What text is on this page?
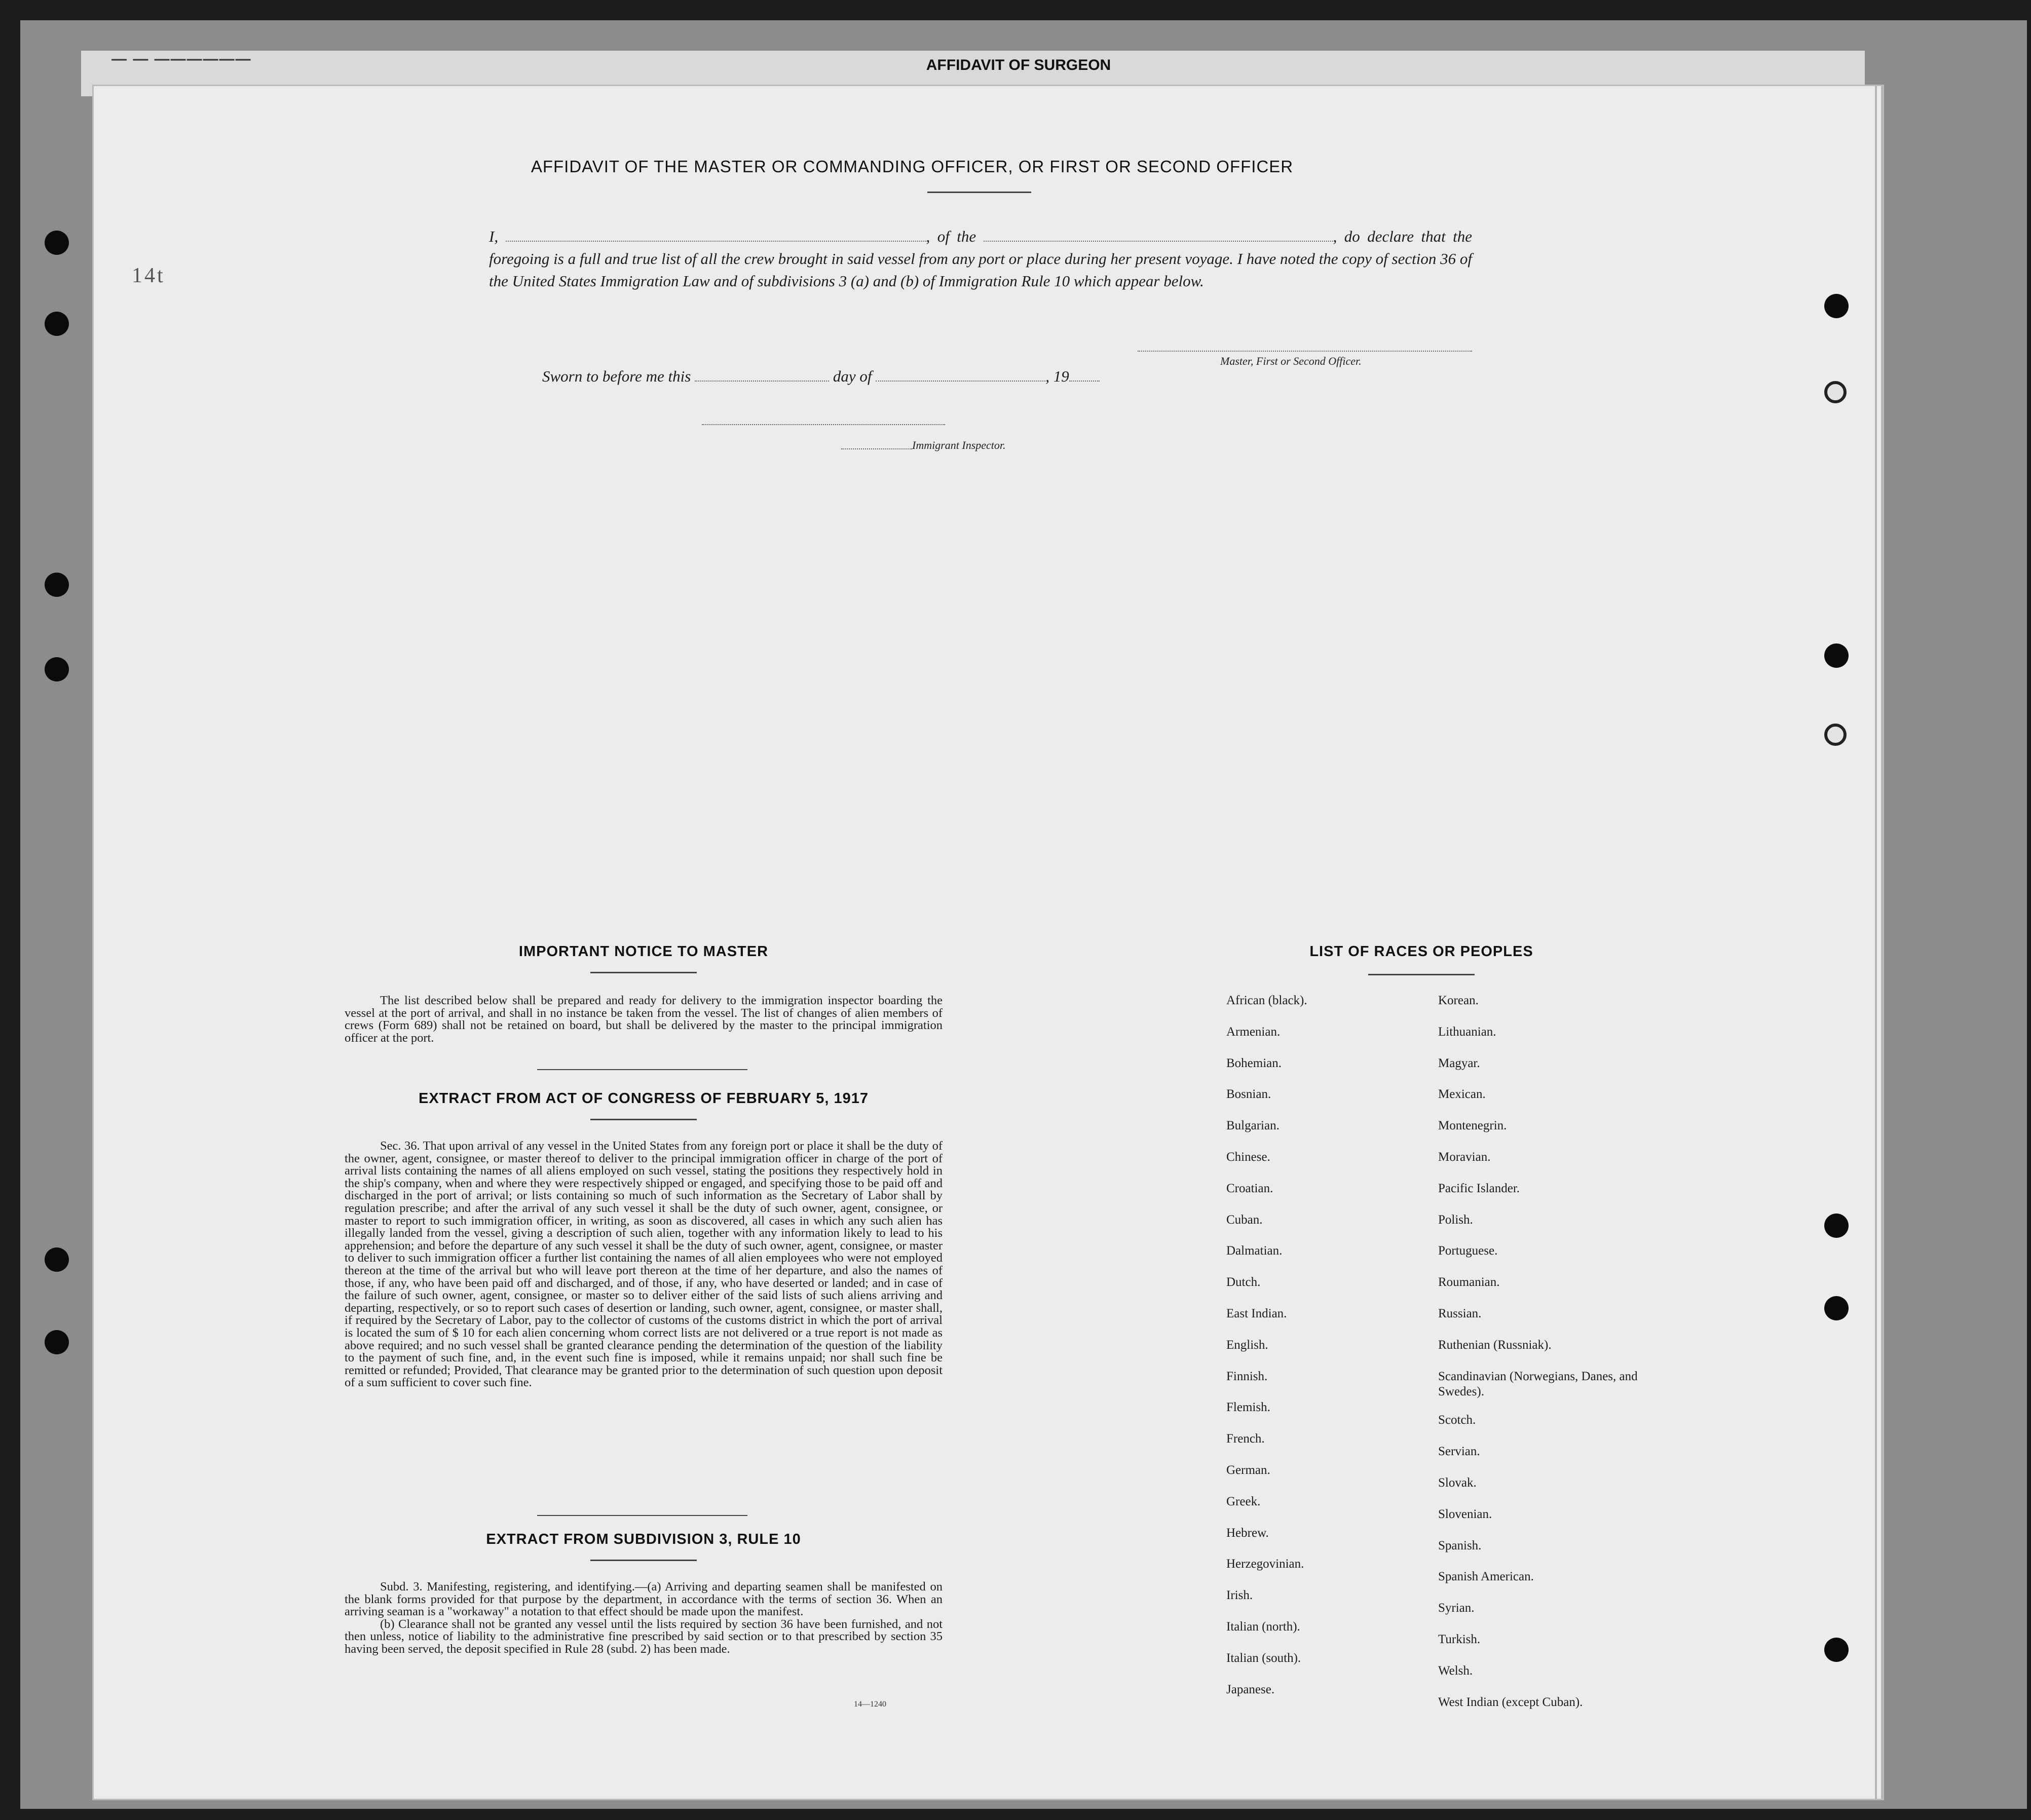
— — ——————	AFFIDAVIT OF SURGEON
14t
AFFIDAVIT OF THE MASTER OR COMMANDING OFFICER, OR FIRST OR SECOND OFFICER
I,	, of the	, do declare that the foregoing is a full and true list of all the crew brought in said vessel from any port or place during her present voyage. I have noted the copy of section 36 of the United States Immigration Law and of subdivisions 3 (a) and (b) of Immigration Rule 10 which appear below.
Master, First or Second Officer.
Sworn to before me this	day of	, 19
Immigrant Inspector.
IMPORTANT NOTICE TO MASTER

The list described below shall be prepared and ready for delivery to the immigration inspector boarding the vessel at the port of arrival, and shall in no instance be taken from the vessel. The list of changes of alien members of crews (Form 689) shall not be retained on board, but shall be delivered by the master to the principal immigration officer at the port.

EXTRACT FROM ACT OF CONGRESS OF FEBRUARY 5, 1917

Sec. 36. That upon arrival of any vessel in the United States from any foreign port or place it shall be the duty of the owner, agent, consignee, or master thereof to deliver to the principal immigration officer in charge of the port of arrival lists containing the names of all aliens employed on such vessel, stating the positions they respectively hold in the ship's company, when and where they were respectively shipped or engaged, and specifying those to be paid off and discharged in the port of arrival; or lists containing so much of such information as the Secretary of Labor shall by regulation prescribe; and after the arrival of any such vessel it shall be the duty of such owner, agent, consignee, or master to report to such immigration officer, in writing, as soon as discovered, all cases in which any such alien has illegally landed from the vessel, giving a description of such alien, together with any information likely to lead to his apprehension; and before the departure of any such vessel it shall be the duty of such owner, agent, consignee, or master to deliver to such immigration officer a further list containing the names of all alien employees who were not employed thereon at the time of the arrival but who will leave port thereon at the time of her departure, and also the names of those, if any, who have been paid off and discharged, and of those, if any, who have deserted or landed; and in case of the failure of such owner, agent, consignee, or master so to deliver either of the said lists of such aliens arriving and departing, respectively, or so to report such cases of desertion or landing, such owner, agent, consignee, or master shall, if required by the Secretary of Labor, pay to the collector of customs of the customs district in which the port of arrival is located the sum of $ 10 for each alien concerning whom correct lists are not delivered or a true report is not made as above required; and no such vessel shall be granted clearance pending the determination of the question of the liability to the payment of such fine, and, in the event such fine is imposed, while it remains unpaid; nor shall such fine be remitted or refunded; Provided, That clearance may be granted prior to the determination of such question upon deposit of a sum sufficient to cover such fine.

EXTRACT FROM SUBDIVISION 3, RULE 10

Subd. 3. Manifesting, registering, and identifying.—(a) Arriving and departing seamen shall be manifested on the blank forms provided for that purpose by the department, in accordance with the terms of section 36. When an arriving seaman is a "workaway" a notation to that effect should be made upon the manifest.

(b) Clearance shall not be granted any vessel until the lists required by section 36 have been furnished, and not then unless, notice of liability to the administrative fine prescribed by said section or to that prescribed by section 35 having been served, the deposit specified in Rule 28 (subd. 2) has been made.

14—1240
LIST OF RACES OR PEOPLES
African (black).
Armenian.
Bohemian.
Bosnian.
Bulgarian.
Chinese.
Croatian.
Cuban.
Dalmatian.
Dutch.
East Indian.
English.
Finnish.
Flemish.
French.
German.
Greek.
Hebrew.
Herzegovinian.
Irish.
Italian (north).
Italian (south).
Japanese.
Korean.
Lithuanian.
Magyar.
Mexican.
Montenegrin.
Moravian.
Pacific Islander.
Polish.
Portuguese.
Roumanian.
Russian.
Ruthenian (Russniak).
Scandinavian (Norwegians, Danes, and Swedes).
Scotch.
Servian.
Slovak.
Slovenian.
Spanish.
Spanish American.
Syrian.
Turkish.
Welsh.
West Indian (except Cuban).
